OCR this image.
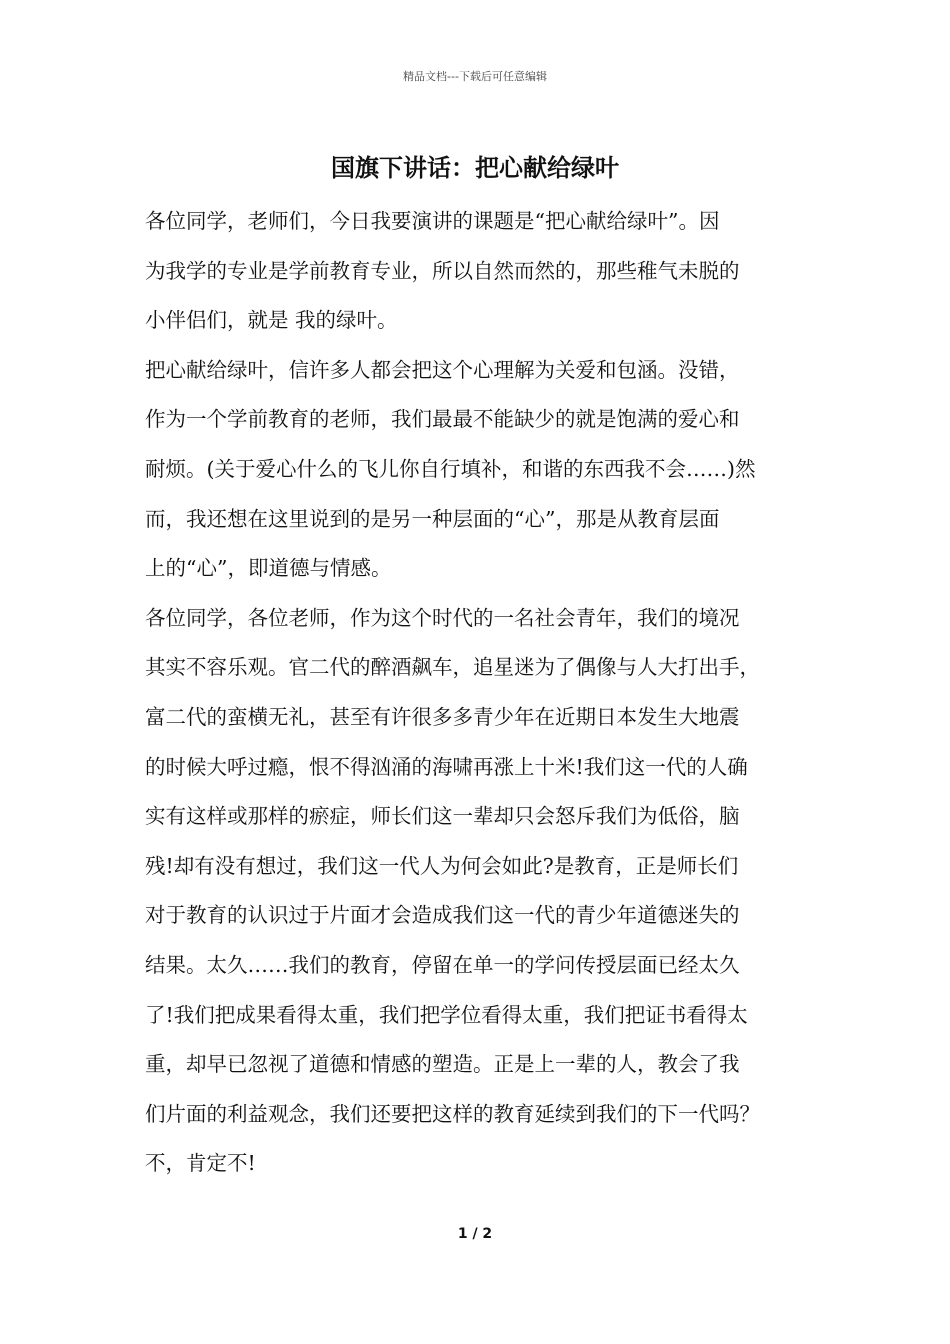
精品文档---下载后可任意编辑
国旗下讲话：把心献给绿叶
各位同学，老师们，今日我要演讲的课题是“把心献给绿叶”。因
为我学的专业是学前教育专业，所以自然而然的，那些稚气未脱的
小伴侣们，就是 我的绿叶。
把心献给绿叶，信许多人都会把这个心理解为关爱和包涵。没错，
作为一个学前教育的老师，我们最最不能缺少的就是饱满的爱心和
耐烦。(关于爱心什么的飞儿你自行填补，和谐的东西我不会……)然
而，我还想在这里说到的是另一种层面的“心”，那是从教育层面
上的“心”，即道德与情感。
各位同学，各位老师，作为这个时代的一名社会青年，我们的境况
其实不容乐观。官二代的醉酒飙车，追星迷为了偶像与人大打出手，
富二代的蛮横无礼，甚至有许很多多青少年在近期日本发生大地震
的时候大呼过瘾，恨不得汹涌的海啸再涨上十米!我们这一代的人确
实有这样或那样的瘀症，师长们这一辈却只会怒斥我们为低俗，脑
残!却有没有想过，我们这一代人为何会如此?是教育，正是师长们
对于教育的认识过于片面才会造成我们这一代的青少年道德迷失的
结果。太久……我们的教育，停留在单一的学问传授层面已经太久
了!我们把成果看得太重，我们把学位看得太重，我们把证书看得太
重，却早已忽视了道德和情感的塑造。正是上一辈的人，教会了我
们片面的利益观念，我们还要把这样的教育延续到我们的下一代吗？
不，肯定不!
1 / 2
